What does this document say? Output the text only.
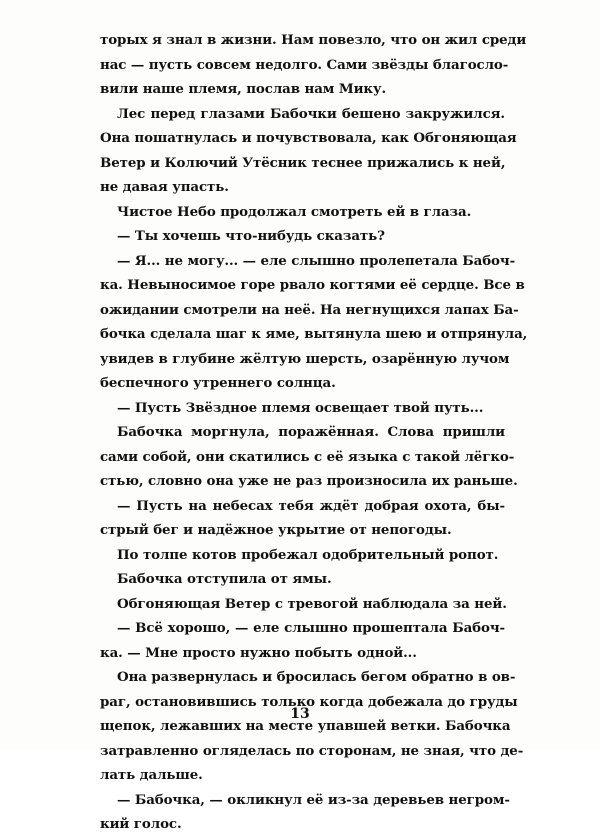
торых я знал в жизни. Нам повезло, что он жил среди
нас — пусть совсем недолго. Сами звёзды благосло-
вили наше племя, послав нам Мику.
Лес перед глазами Бабочки бешено закружился.
Она пошатнулась и почувствовала, как Обгоняющая
Ветер и Колючий Утёсник теснее прижались к ней,
не давая упасть.
Чистое Небо продолжал смотреть ей в глаза.
— Ты хочешь что-нибудь сказать?
— Я... не могу... — еле слышно пролепетала Бабоч-
ка. Невыносимое горе рвало когтями её сердце. Все в
ожидании смотрели на неё. На негнущихся лапах Ба-
бочка сделала шаг к яме, вытянула шею и отпрянула,
увидев в глубине жёлтую шерсть, озарённую лучом
беспечного утреннего солнца.
— Пусть Звёздное племя освещает твой путь...
Бабочка моргнула, поражённая. Слова пришли
сами собой, они скатились с её языка с такой лёгко-
стью, словно она уже не раз произносила их раньше.
— Пусть на небесах тебя ждёт добрая охота, бы-
стрый бег и надёжное укрытие от непогоды.
По толпе котов пробежал одобрительный ропот.
Бабочка отступила от ямы.
Обгоняющая Ветер с тревогой наблюдала за ней.
— Всё хорошо, — еле слышно прошептала Бабоч-
ка. — Мне просто нужно побыть одной...
Она развернулась и бросилась бегом обратно в ов-
раг, остановившись только когда добежала до груды
щепок, лежавших на месте упавшей ветки. Бабочка
затравленно огляделась по сторонам, не зная, что де-
лать дальше.
— Бабочка, — окликнул её из-за деревьев негром-
кий голос.
13
